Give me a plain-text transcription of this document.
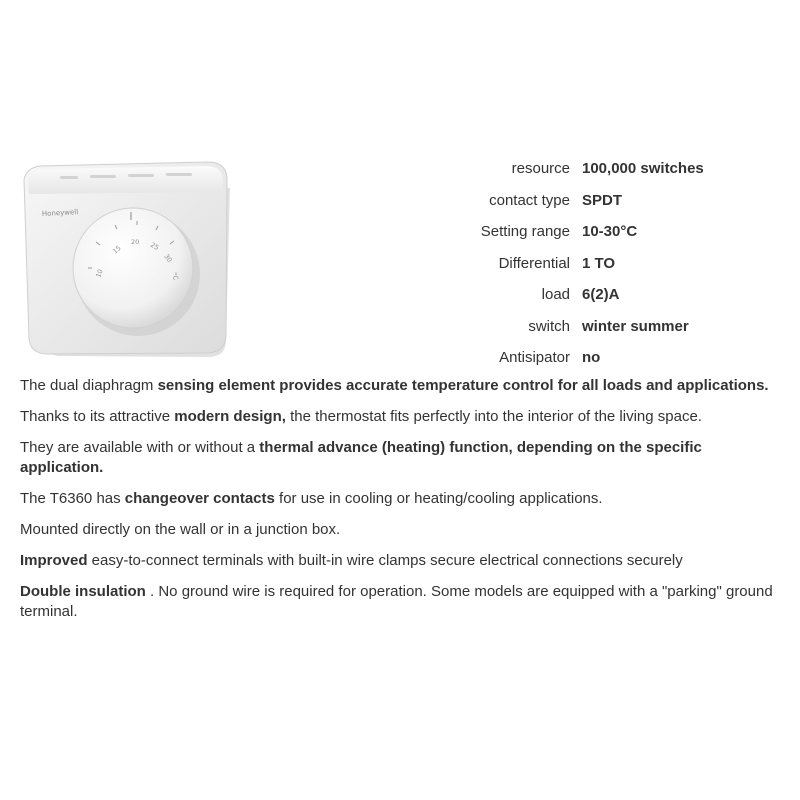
Honeywell
10
15
20 25
30
°C
resource	100,000 switches
contact type	SPDT
Setting range	10-30°C
Differential	1 TO
load	6(2)A
switch	winter summer
Antisipator	no

The dual diaphragm sensing element provides accurate temperature control for all loads and applications.

Thanks to its attractive modern design, the thermostat fits perfectly into the interior of the living space.

They are available with or without a thermal advance (heating) function, depending on the specific application.

The T6360 has changeover contacts for use in cooling or heating/cooling applications.

Mounted directly on the wall or in a junction box.

Improved easy-to-connect terminals with built-in wire clamps secure electrical connections securely

Double insulation . No ground wire is required for operation. Some models are equipped with a "parking" ground terminal.
